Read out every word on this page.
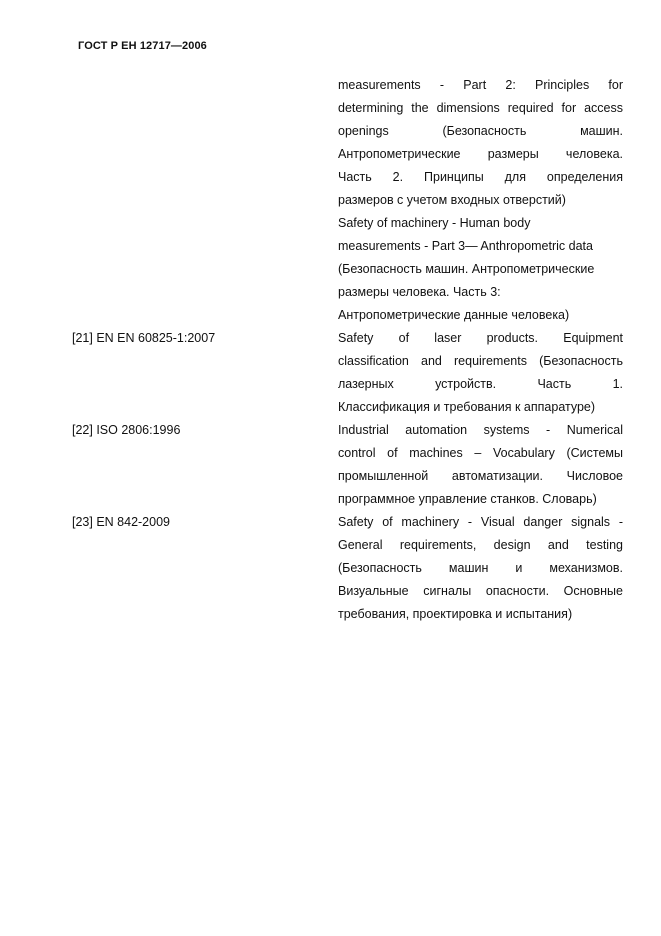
ГОСТ Р ЕН 12717—2006
measurements - Part 2: Principles for
determining the dimensions required for access
openings (Безопасность машин.
Антропометрические размеры человека.
Часть 2. Принципы для определения
размеров с учетом входных отверстий)
Safety of machinery - Human body
measurements - Part 3— Anthropometric data
(Безопасность машин. Антропометрические
размеры человека. Часть 3:
Антропометрические данные человека)
[21] EN EN 60825-1:2007	Safety of laser products. Equipment
classification and requirements (Безопасность
лазерных устройств. Часть 1.
Классификация и требования к аппаратуре)
[22] ISO 2806:1996	Industrial automation systems - Numerical
control of machines – Vocabulary (Системы
промышленной автоматизации. Числовое
программное управление станков. Словарь)
[23] EN 842-2009	Safety of machinery - Visual danger signals -
General requirements, design and testing
(Безопасность машин и механизмов.
Визуальные сигналы опасности. Основные
требования, проектировка и испытания)
